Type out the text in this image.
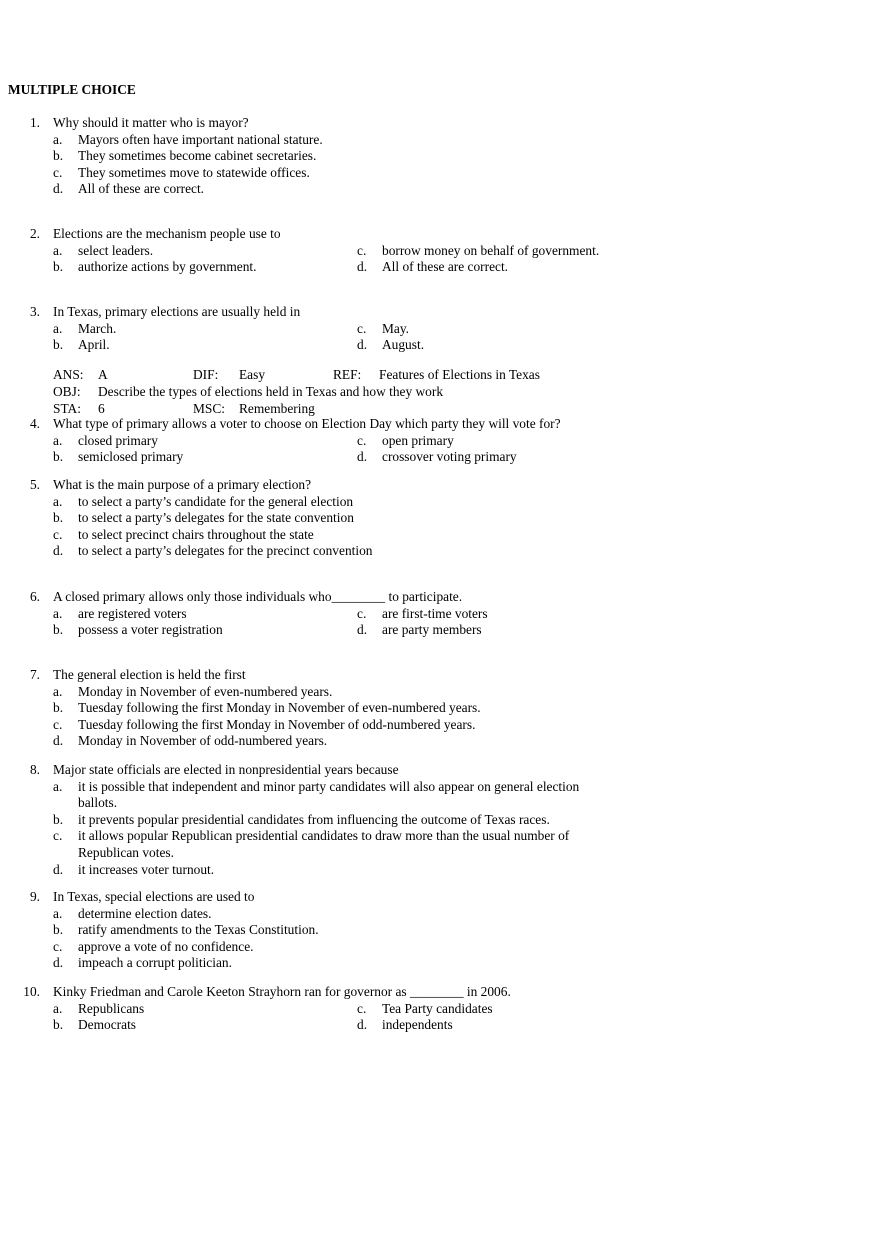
MULTIPLE CHOICE
1. Why should it matter who is mayor?
a. Mayors often have important national stature.
b. They sometimes become cabinet secretaries.
c. They sometimes move to statewide offices.
d. All of these are correct.
2. Elections are the mechanism people use to
a. select leaders.	c. borrow money on behalf of government.
b. authorize actions by government.	d. All of these are correct.
3. In Texas, primary elections are usually held in
a. March.	c. May.
b. April.	d. August.
ANS: A	DIF: Easy	REF: Features of Elections in Texas
OBJ: Describe the types of elections held in Texas and how they work
STA: 6	MSC: Remembering
4. What type of primary allows a voter to choose on Election Day which party they will vote for?
a. closed primary	c. open primary
b. semiclosed primary	d. crossover voting primary
5. What is the main purpose of a primary election?
a. to select a party’s candidate for the general election
b. to select a party’s delegates for the state convention
c. to select precinct chairs throughout the state
d. to select a party’s delegates for the precinct convention
6. A closed primary allows only those individuals who________ to participate.
a. are registered voters	c. are first-time voters
b. possess a voter registration	d. are party members
7. The general election is held the first
a. Monday in November of even-numbered years.
b. Tuesday following the first Monday in November of even-numbered years.
c. Tuesday following the first Monday in November of odd-numbered years.
d. Monday in November of odd-numbered years.
8. Major state officials are elected in nonpresidential years because
a. it is possible that independent and minor party candidates will also appear on general election
ballots.
b. it prevents popular presidential candidates from influencing the outcome of Texas races.
c. it allows popular Republican presidential candidates to draw more than the usual number of
Republican votes.
d. it increases voter turnout.
9. In Texas, special elections are used to
a. determine election dates.
b. ratify amendments to the Texas Constitution.
c. approve a vote of no confidence.
d. impeach a corrupt politician.
10. Kinky Friedman and Carole Keeton Strayhorn ran for governor as ________ in 2006.
a. Republicans	c. Tea Party candidates
b. Democrats	d. independents
